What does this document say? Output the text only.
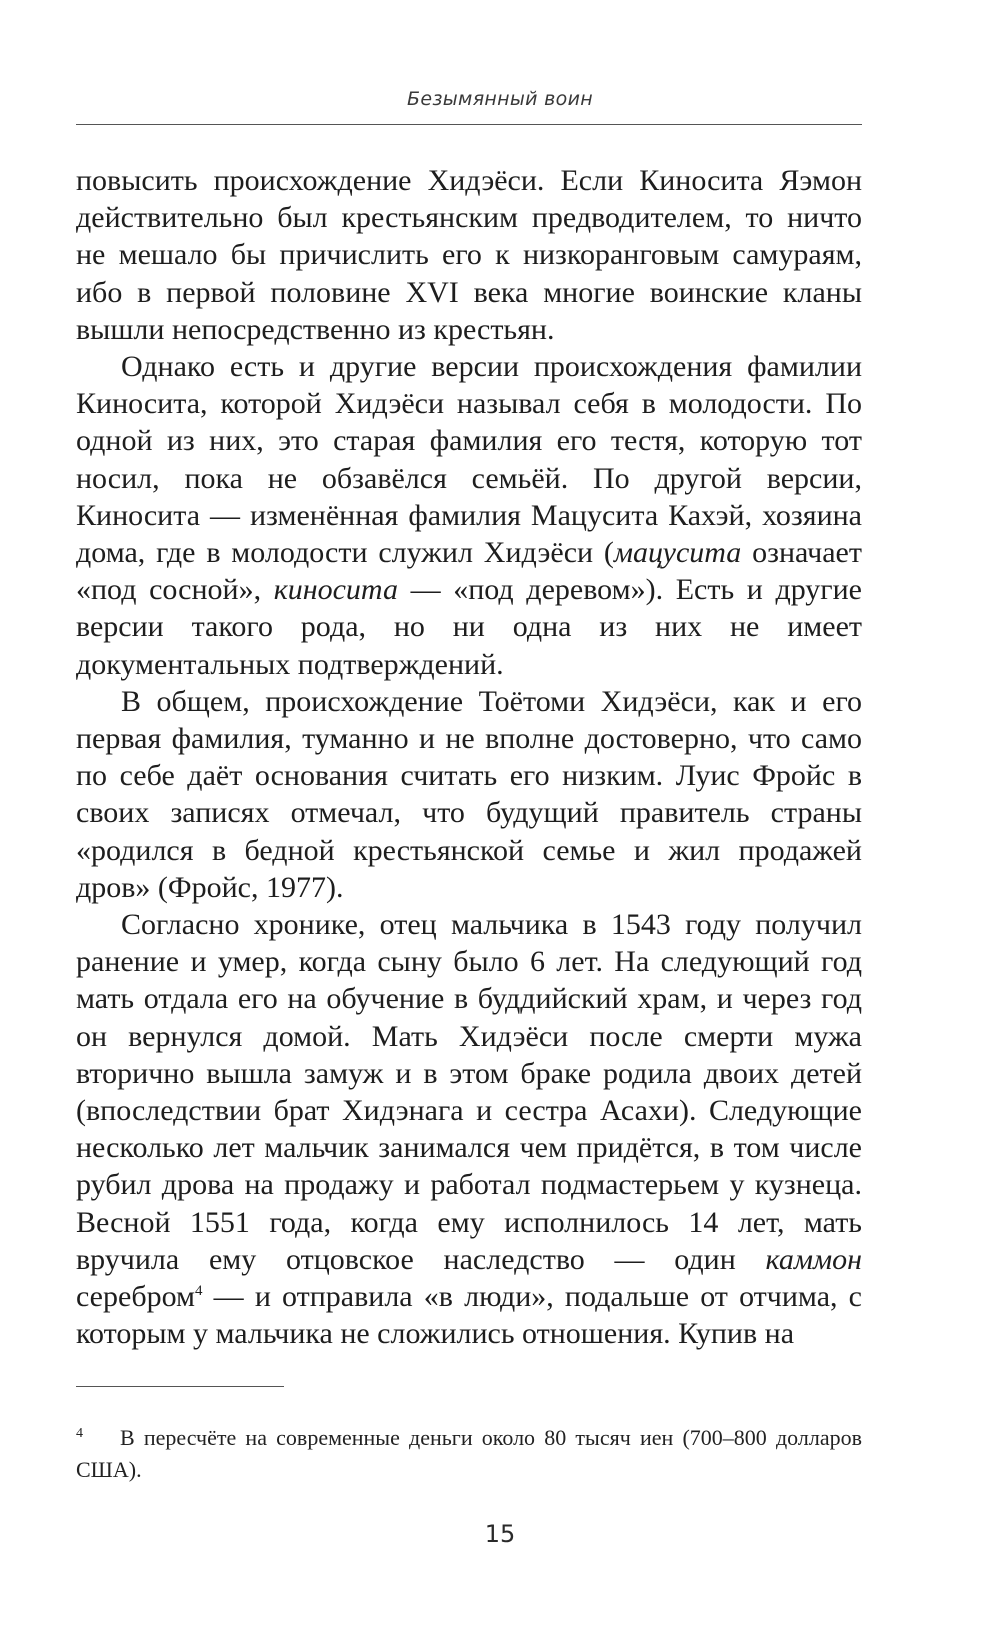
Безымянный воин

повысить происхождение Хидэёси. Если Киносита Яэмон действительно был крестьянским предводителем, то ничто не мешало бы причислить его к низкоранговым самураям, ибо в первой половине XVI века многие воинские кланы вышли непосредственно из крестьян.

Однако есть и другие версии происхождения фамилии Киносита, которой Хидэёси называл себя в молодости. По одной из них, это старая фамилия его тестя, которую тот носил, пока не обзавёлся семьёй. По другой версии, Киносита — изменённая фамилия Мацусита Кахэй, хозяина дома, где в молодости служил Хидэёси (мацусита означает «под сосной», киносита — «под деревом»). Есть и другие версии такого рода, но ни одна из них не имеет документальных подтверждений.

В общем, происхождение Тоётоми Хидэёси, как и его первая фамилия, туманно и не вполне достоверно, что само по себе даёт основания считать его низким. Луис Фройс в своих записях отмечал, что будущий правитель страны «родился в бедной крестьянской семье и жил продажей дров» (Фройс, 1977).

Согласно хронике, отец мальчика в 1543 году получил ранение и умер, когда сыну было 6 лет. На следующий год мать отдала его на обучение в буддийский храм, и через год он вернулся домой. Мать Хидэёси после смерти мужа вторично вышла замуж и в этом браке родила двоих детей (впоследствии брат Хидэнага и сестра Асахи). Следующие несколько лет мальчик занимался чем придётся, в том числе рубил дрова на продажу и работал подмастерьем у кузнеца. Весной 1551 года, когда ему исполнилось 14 лет, мать вручила ему отцовское наследство — один каммон серебром$^4$ — и отправила «в люди», подальше от отчима, с которым у мальчика не сложились отношения. Купив на

4 В пересчёте на современные деньги около 80 тысяч иен (700–800 долларов США).
15
